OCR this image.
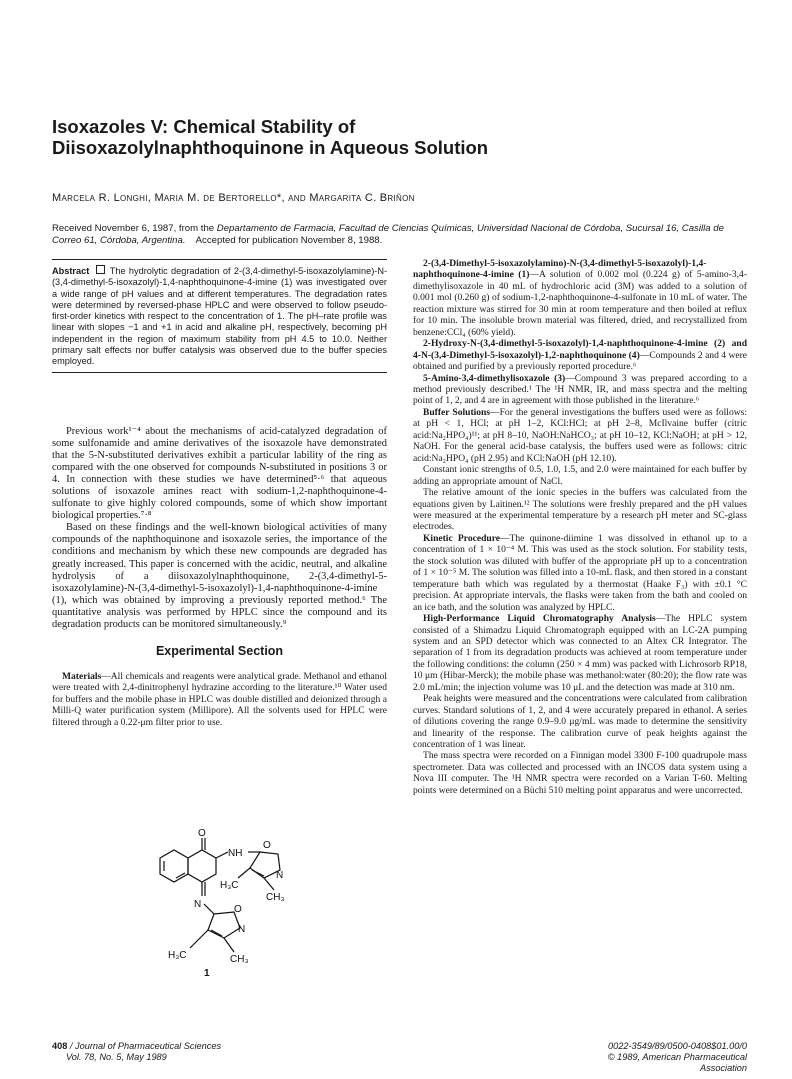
Isoxazoles V: Chemical Stability of
Diisoxazolylnaphthoquinone in Aqueous Solution
Marcela R. Longhi, Maria M. de Bertorello*, and Margarita C. Briñon
Received November 6, 1987, from the Departamento de Farmacia, Facultad de Ciencias Químicas, Universidad Nacional de Córdoba, Sucursal 16, Casilla de Correo 61, Córdoba, Argentina. Accepted for publication November 8, 1988.
Abstract The hydrolytic degradation of 2-(3,4-dimethyl-5-isoxazolylamine)-N-(3,4-dimethyl-5-isoxazolyl)-1,4-naphthoquinone-4-imine (1) was investigated over a wide range of pH values and at different temperatures. The degradation rates were determined by reversed-phase HPLC and were observed to follow pseudo-first-order kinetics with respect to the concentration of 1. The pH–rate profile was linear with slopes −1 and +1 in acid and alkaline pH, respectively, becoming pH independent in the region of maximum stability from pH 4.5 to 10.0. Neither primary salt effects nor buffer catalysis was observed due to the buffer species employed.

Previous work¹⁻⁴ about the mechanisms of acid-catalyzed degradation of some sulfonamide and amine derivatives of the isoxazole have demonstrated that the 5-N-substituted derivatives exhibit a particular lability of the ring as compared with the one observed for compounds N-substituted in positions 3 or 4. In connection with these studies we have determined⁵·⁶ that aqueous solutions of isoxazole amines react with sodium-1,2-naphthoquinone-4-sulfonate to give highly colored compounds, some of which show important biological properties.⁷·⁸

Based on these findings and the well-known biological activities of many compounds of the naphthoquinone and isoxazole series, the importance of the conditions and mechanism by which these new compounds are degraded has greatly increased. This paper is concerned with the acidic, neutral, and alkaline hydrolysis of a diisoxazolylnaphthoquinone, 2-(3,4-dimethyl-5-isoxazolylamine)-N-(3,4-dimethyl-5-isoxazolyl)-1,4-naphthoquinone-4-imine (1), which was obtained by improving a previously reported method.⁶ The quantitative analysis was performed by HPLC since the compound and its degradation products can be monitored simultaneously.⁹

Experimental Section

Materials—All chemicals and reagents were analytical grade. Methanol and ethanol were treated with 2,4-dinitrophenyl hydrazine according to the literature.¹⁰ Water used for buffers and the mobile phase in HPLC was double distilled and deionized through a Milli-Q water purification system (Millipore). All the solvents used for HPLC were filtered through a 0.22-μm filter prior to use.

O
NH
O
N
H₃C
CH₃
N	O
N
H₃C	CH₃
1

2-(3,4-Dimethyl-5-isoxazolylamino)-N-(3,4-dimethyl-5-isoxazolyl)-1,4-naphthoquinone-4-imine (1)—A solution of 0.002 mol (0.224 g) of 5-amino-3,4-dimethylisoxazole in 40 mL of hydrochloric acid (3M) was added to a solution of 0.001 mol (0.260 g) of sodium-1,2-naphthoquinone-4-sulfonate in 10 mL of water. The reaction mixture was stirred for 30 min at room temperature and then boiled at reflux for 10 min. The insoluble brown material was filtered, dried, and recrystallized from benzene:CCl₄ (60% yield).

2-Hydroxy-N-(3,4-dimethyl-5-isoxazolyl)-1,4-naphthoquinone-4-imine (2) and 4-N-(3,4-Dimethyl-5-isoxazolyl)-1,2-naphthoquinone (4)—Compounds 2 and 4 were obtained and purified by a previously reported procedure.⁶

5-Amino-3,4-dimethylisoxazole (3)—Compound 3 was prepared according to a method previously described.¹ The ¹H NMR, IR, and mass spectra and the melting point of 1, 2, and 4 are in agreement with those published in the literature.⁶

Buffer Solutions—For the general investigations the buffers used were as follows: at pH < 1, HCl; at pH 1–2, KCl:HCl; at pH 2–8, McIlvaine buffer (citric acid:Na₂HPO₄)¹¹; at pH 8–10, NaOH:NaHCO₃; at pH 10–12, KCl:NaOH; at pH > 12, NaOH. For the general acid-base catalysis, the buffers used were as follows: citric acid:Na₂HPO₄ (pH 2.95) and KCl:NaOH (pH 12.10).

Constant ionic strengths of 0.5, 1.0, 1.5, and 2.0 were maintained for each buffer by adding an appropriate amount of NaCl.

The relative amount of the ionic species in the buffers was calculated from the equations given by Laitinen.¹² The solutions were freshly prepared and the pH values were measured at the experimental temperature by a research pH meter and SC-glass electrodes.

Kinetic Procedure—The quinone-diimine 1 was dissolved in ethanol up to a concentration of 1 × 10⁻⁴ M. This was used as the stock solution. For stability tests, the stock solution was diluted with buffer of the appropriate pH up to a concentration of 1 × 10⁻⁵ M. The solution was filled into a 10-mL flask, and then stored in a constant temperature bath which was regulated by a thermostat (Haake F₃) with ±0.1 °C precision. At appropriate intervals, the flasks were taken from the bath and cooled on an ice bath, and the solution was analyzed by HPLC.

High-Performance Liquid Chromatography Analysis—The HPLC system consisted of a Shimadzu Liquid Chromatograph equipped with an LC-2A pumping system and an SPD detector which was connected to an Altex CR Integrator. The separation of 1 from its degradation products was achieved at room temperature under the following conditions: the column (250 × 4 mm) was packed with Lichrosorb RP18, 10 μm (Hibar-Merck); the mobile phase was methanol:water (80:20); the flow rate was 2.0 mL/min; the injection volume was 10 μL and the detection was made at 310 nm.

Peak heights were measured and the concentrations were calculated from calibration curves. Standard solutions of 1, 2, and 4 were accurately prepared in ethanol. A series of dilutions covering the range 0.9–9.0 μg/mL was made to determine the sensitivity and linearity of the response. The calibration curve of peak heights against the concentration of 1 was linear.

The mass spectra were recorded on a Finnigan model 3300 F-100 quadrupole mass spectrometer. Data was collected and processed with an INCOS data system using a Nova III computer. The ¹H NMR spectra were recorded on a Varian T-60. Melting points were determined on a Büchi 510 melting point apparatus and were uncorrected.

408 / Journal of Pharmaceutical Sciences
Vol. 78, No. 5, May 1989
0022-3549/89/0500-0408$01.00/0
© 1989, American Pharmaceutical Association
